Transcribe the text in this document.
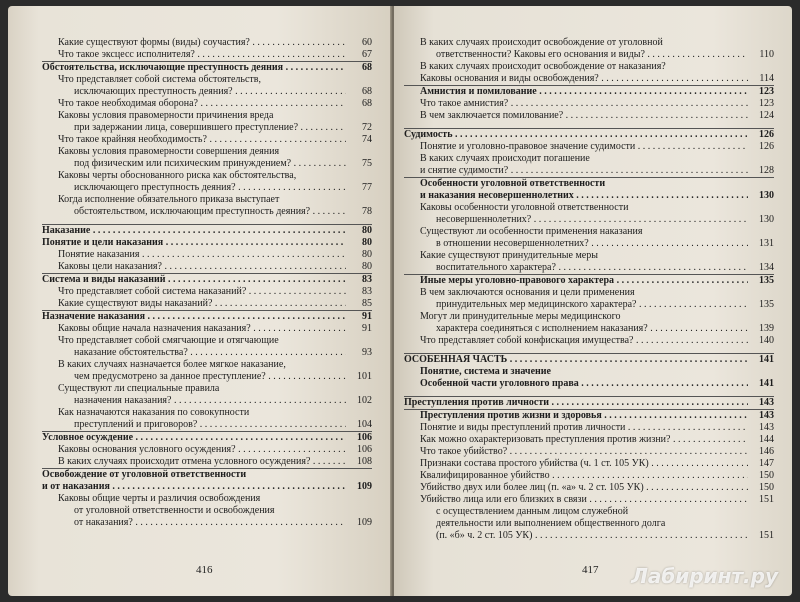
Какие существуют формы (виды) соучастия? . . .	60
Что такое эксцесс исполнителя? . . .	67
Обстоятельства, исключающие преступность деяния . . .	68
Что представляет собой система обстоятельств,
исключающих преступность деяния? . . .	68
Что такое необходимая оборона? . . .	68
Каковы условия правомерности причинения вреда
при задержании лица, совершившего преступление? . . .	72
Что такое крайняя необходимость? . . .	74
Каковы условия правомерности совершения деяния
под физическим или психическим принуждением? . . .	75
Каковы черты обоснованного риска как обстоятельства,
исключающего преступность деяния? . . .	77
Когда исполнение обязательного приказа выступает
обстоятельством, исключающим преступность деяния? . . .	78
Наказание . . .	80
Понятие и цели наказания . . .	80
Понятие наказания . . .	80
Каковы цели наказания? . . .	80
Система и виды наказаний . . .	83
Что представляет собой система наказаний? . . .	83
Какие существуют виды наказаний? . . .	85
Назначение наказания . . .	91
Каковы общие начала назначения наказания? . . .	91
Что представляет собой смягчающие и отягчающие
наказание обстоятельства? . . .	93
В каких случаях назначается более мягкое наказание,
чем предусмотрено за данное преступление? . . .	101
Существуют ли специальные правила
назначения наказания? . . .	102
Как назначаются наказания по совокупности
преступлений и приговоров? . . .	104
Условное осуждение . . .	106
Каковы основания условного осуждения? . . .	106
В каких случаях происходит отмена условного осуждения? . . .	108
Освобождение от уголовной ответственности
и от наказания . . .	109
Каковы общие черты и различия освобождения
от уголовной ответственности и освобождения
от наказания? . . .	109
416
В каких случаях происходит освобождение от уголовной
ответственности? Каковы его основания и виды? . . .	110
В каких случаях происходит освобождение от наказания?
Каковы основания и виды освобождения? . . .	114
Амнистия и помилование . . .	123
Что такое амнистия? . . .	123
В чем заключается помилование? . . .	124
Судимость . . .	126
Понятие и уголовно-правовое значение судимости . . .	126
В каких случаях происходит погашение
и снятие судимости? . . .	128
Особенности уголовной ответственности
и наказания несовершеннолетних . . .	130
Каковы особенности уголовной ответственности
несовершеннолетних? . . .	130
Существуют ли особенности применения наказания
в отношении несовершеннолетних? . . .	131
Какие существуют принудительные меры
воспитательного характера? . . .	134
Иные меры уголовно-правового характера . . .	135
В чем заключаются основания и цели применения
принудительных мер медицинского характера? . . .	135
Могут ли принудительные меры медицинского
характера соединяться с исполнением наказания? . . .	139
Что представляет собой конфискация имущества? . . .	140
ОСОБЕННАЯ ЧАСТЬ . . .	141
Понятие, система и значение
Особенной части уголовного права . . .	141
Преступления против личности . . .	143
Преступления против жизни и здоровья . . .	143
Понятие и виды преступлений против личности . . .	143
Как можно охарактеризовать преступления против жизни? . . .	144
Что такое убийство? . . .	146
Признаки состава простого убийства (ч. 1 ст. 105 УК) . . .	147
Квалифицированное убийство . . .	150
Убийство двух или более лиц (п. «а» ч. 2 ст. 105 УК) . . .	150
Убийство лица или его близких в связи . . .	151
с осуществлением данным лицом служебной
деятельности или выполнением общественного долга
(п. «б» ч. 2 ст. 105 УК) . . .	151
417 Лабиринт.ру
